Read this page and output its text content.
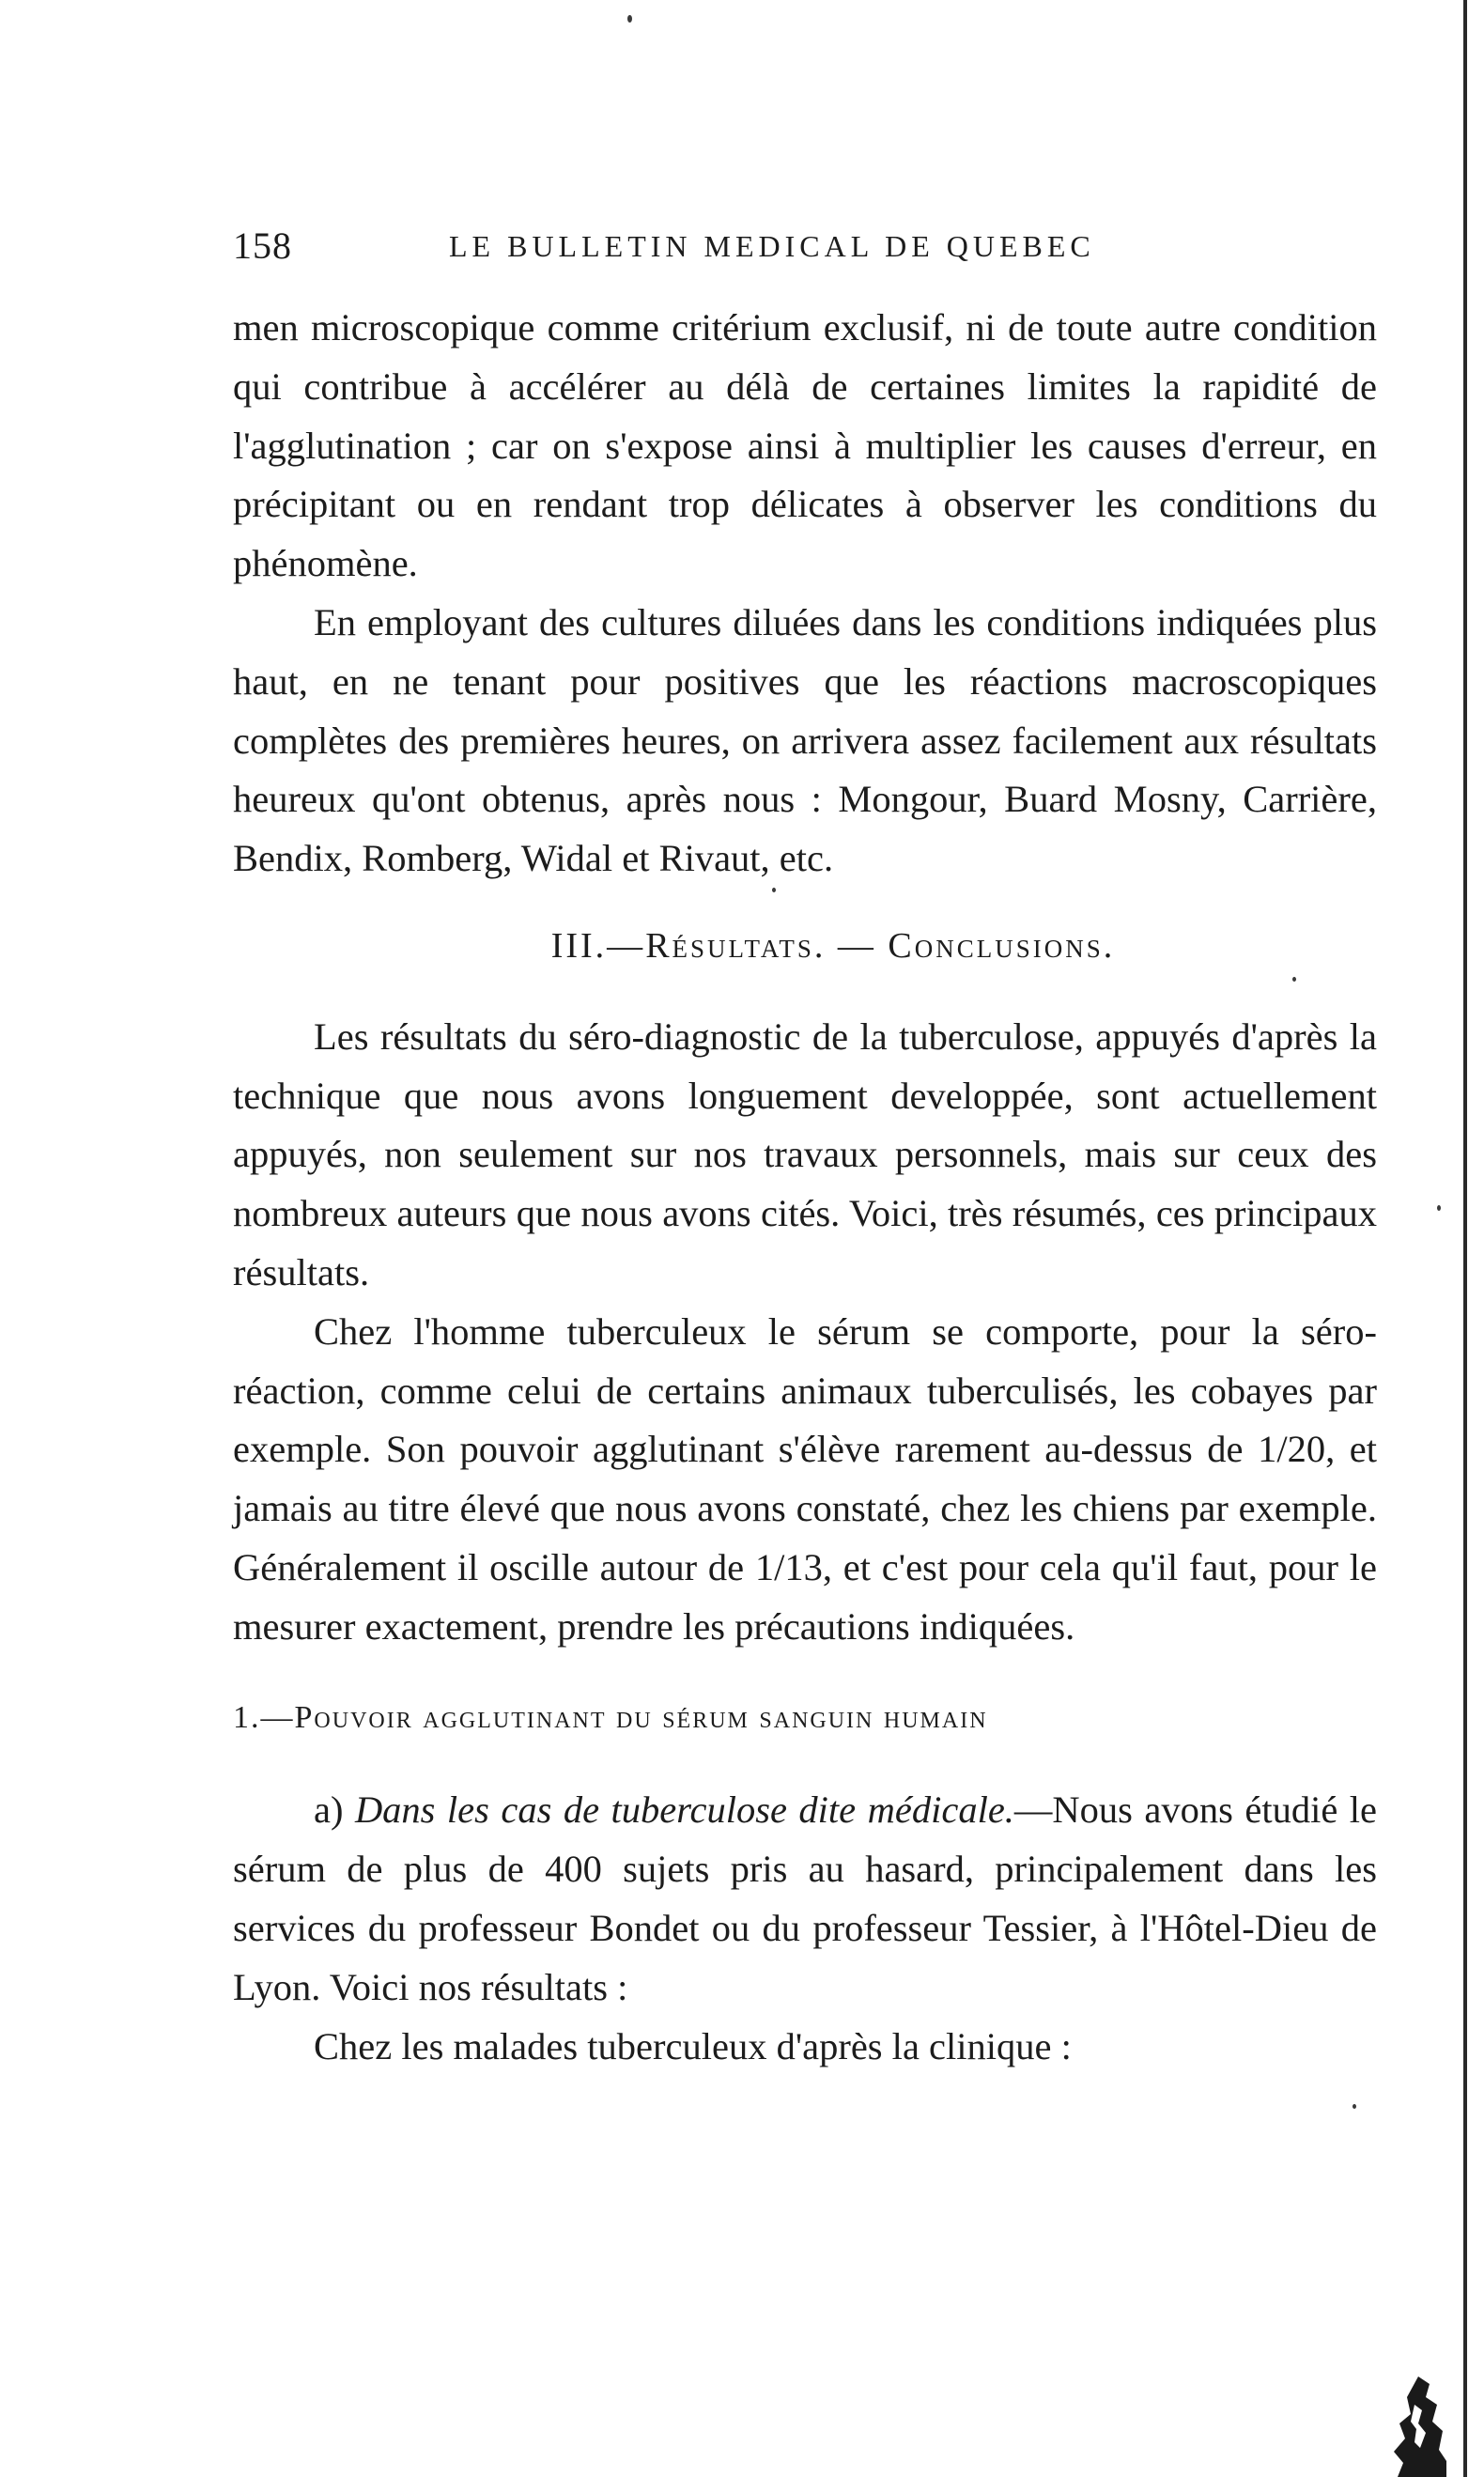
158	LE BULLETIN MEDICAL DE QUEBEC

men microscopique comme critérium exclusif, ni de toute autre condition qui contribue à accélérer au délà de certaines limites la rapidité de l'agglutination ; car on s'expose ainsi à multiplier les causes d'erreur, en précipitant ou en rendant trop délicates à observer les conditions du phénomène.

En employant des cultures diluées dans les conditions indiquées plus haut, en ne tenant pour positives que les réactions macroscopiques complètes des premières heures, on arrivera assez facilement aux résultats heureux qu'ont obtenus, après nous : Mongour, Buard Mosny, Carrière, Bendix, Romberg, Widal et Rivaut, etc.

III.—Résultats. — Conclusions.

Les résultats du séro-diagnostic de la tuberculose, appuyés d'après la technique que nous avons longuement developpée, sont actuellement appuyés, non seulement sur nos travaux personnels, mais sur ceux des nombreux auteurs que nous avons cités. Voici, très résumés, ces principaux résultats.

Chez l'homme tuberculeux le sérum se comporte, pour la séro-réaction, comme celui de certains animaux tuberculisés, les cobayes par exemple. Son pouvoir agglutinant s'élève rarement au-dessus de 1/20, et jamais au titre élevé que nous avons constaté, chez les chiens par exemple. Généralement il oscille autour de 1/13, et c'est pour cela qu'il faut, pour le mesurer exactement, prendre les précautions indiquées.

1.—Pouvoir agglutinant du sérum sanguin humain

a) Dans les cas de tuberculose dite médicale.—Nous avons étudié le sérum de plus de 400 sujets pris au hasard, principalement dans les services du professeur Bondet ou du professeur Tessier, à l'Hôtel-Dieu de Lyon. Voici nos résultats :

Chez les malades tuberculeux d'après la clinique :
